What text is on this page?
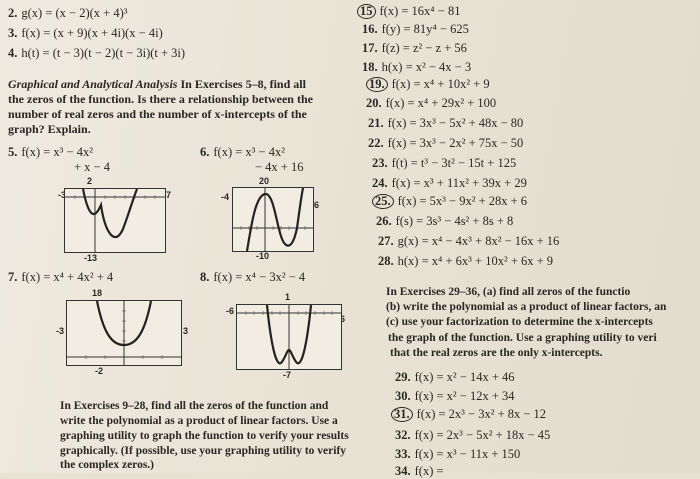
2. g(x) = (x − 2)(x + 4)³
3. f(x) = (x + 9)(x + 4i)(x − 4i)
4. h(t) = (t − 3)(t − 2)(t − 3i)(t + 3i)
Graphical and Analytical Analysis In Exercises 5–8, find all
the zeros of the function. Is there a relationship between the
number of real zeros and the number of x-intercepts of the
graph? Explain.
5. f(x) = x³ − 4x²
+ x − 4
2
-3	7
-13
6. f(x) = x³ − 4x²
− 4x + 16
20
-4
6
-10
7. f(x) = x⁴ + 4x² + 4
18
-3	3
-2
8. f(x) = x⁴ − 3x² − 4
1
-6
6
-7
15 f(x) = 16x⁴ − 81
16. f(y) = 81y⁴ − 625
17. f(z) = z² − z + 56
18. h(x) = x² − 4x − 3
19. f(x) = x⁴ + 10x² + 9
20. f(x) = x⁴ + 29x² + 100
21. f(x) = 3x³ − 5x² + 48x − 80
22. f(x) = 3x³ − 2x² + 75x − 50
23. f(t) = t³ − 3t² − 15t + 125
24. f(x) = x³ + 11x² + 39x + 29
25. f(x) = 5x³ − 9x² + 28x + 6
26. f(s) = 3s³ − 4s² + 8s + 8
27. g(x) = x⁴ − 4x³ + 8x² − 16x + 16
28. h(x) = x⁴ + 6x³ + 10x² + 6x + 9
In Exercises 29–36, (a) find all zeros of the functio
(b) write the polynomial as a product of linear factors, an
(c) use your factorization to determine the x-intercepts
the graph of the function. Use a graphing utility to veri
that the real zeros are the only x-intercepts.
29. f(x) = x² − 14x + 46
30. f(x) = x² − 12x + 34
31. f(x) = 2x³ − 3x² + 8x − 12
32. f(x) = 2x³ − 5x² + 18x − 45
33. f(x) = x³ − 11x + 150
34. f(x) =
In Exercises 9–28, find all the zeros of the function and
write the polynomial as a product of linear factors. Use a
graphing utility to graph the function to verify your results
graphically. (If possible, use your graphing utility to verify
the complex zeros.)
